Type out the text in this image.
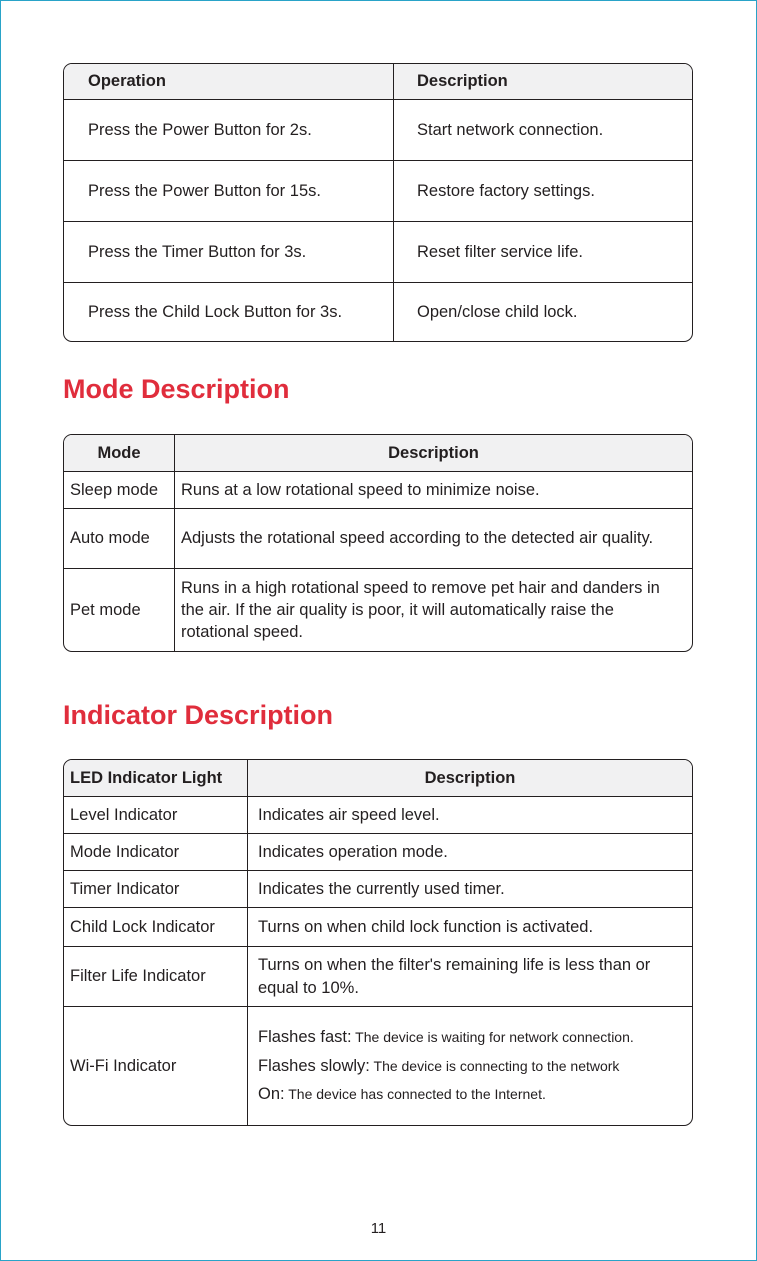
Operation	Description
Press the Power Button for 2s.	Start network connection.
Press the Power Button for 15s.	Restore factory settings.
Press the Timer Button for 3s.	Reset filter service life.
Press the Child Lock Button for 3s.	Open/close child lock.
Mode Description
Mode	Description
Sleep mode	Runs at a low rotational speed to minimize noise.
Auto mode	Adjusts the rotational speed according to the detected air quality.
Pet mode	Runs in a high rotational speed to remove pet hair and danders in the air. If the air quality is poor, it will automatically raise the rotational speed.
Indicator Description
LED Indicator Light	Description
Level Indicator	Indicates air speed level.
Mode Indicator	Indicates operation mode.
Timer Indicator	Indicates the currently used timer.
Child Lock Indicator	Turns on when child lock function is activated.
Filter Life Indicator	Turns on when the filter's remaining life is less than or equal to 10%.
Wi-Fi Indicator	Flashes fast: The device is waiting for network connection.
Flashes slowly: The device is connecting to the network
On: The device has connected to the Internet.
11
